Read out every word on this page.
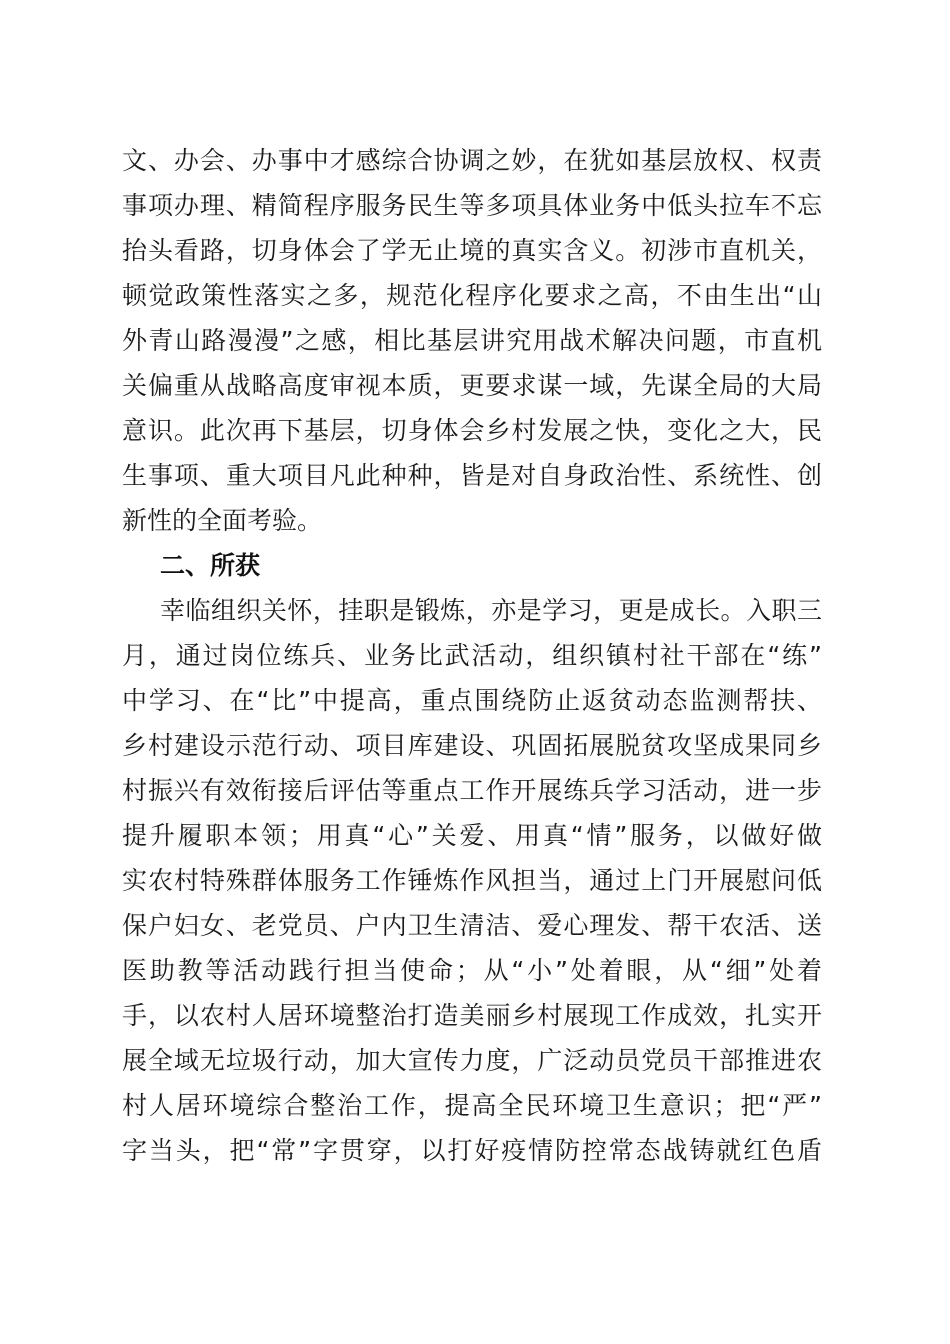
文、办会、办事中才感综合协调之妙，在犹如基层放权、权责
事项办理、精简程序服务民生等多项具体业务中低头拉车不忘
抬头看路，切身体会了学无止境的真实含义。初涉市直机关，
顿觉政策性落实之多，规范化程序化要求之高，不由生出“山
外青山路漫漫”之感，相比基层讲究用战术解决问题，市直机
关偏重从战略高度审视本质，更要求谋一域，先谋全局的大局
意识。此次再下基层，切身体会乡村发展之快，变化之大，民
生事项、重大项目凡此种种，皆是对自身政治性、系统性、创
新性的全面考验。
二、所获
幸临组织关怀，挂职是锻炼，亦是学习，更是成长。入职三
月，通过岗位练兵、业务比武活动，组织镇村社干部在“练”
中学习、在“比”中提高，重点围绕防止返贫动态监测帮扶、
乡村建设示范行动、项目库建设、巩固拓展脱贫攻坚成果同乡
村振兴有效衔接后评估等重点工作开展练兵学习活动，进一步
提升履职本领；用真“心”关爱、用真“情”服务，以做好做
实农村特殊群体服务工作锤炼作风担当，通过上门开展慰问低
保户妇女、老党员、户内卫生清洁、爱心理发、帮干农活、送
医助教等活动践行担当使命；从“小”处着眼，从“细”处着
手，以农村人居环境整治打造美丽乡村展现工作成效，扎实开
展全域无垃圾行动，加大宣传力度，广泛动员党员干部推进农
村人居环境综合整治工作，提高全民环境卫生意识；把“严”
字当头，把“常”字贯穿，以打好疫情防控常态战铸就红色盾
